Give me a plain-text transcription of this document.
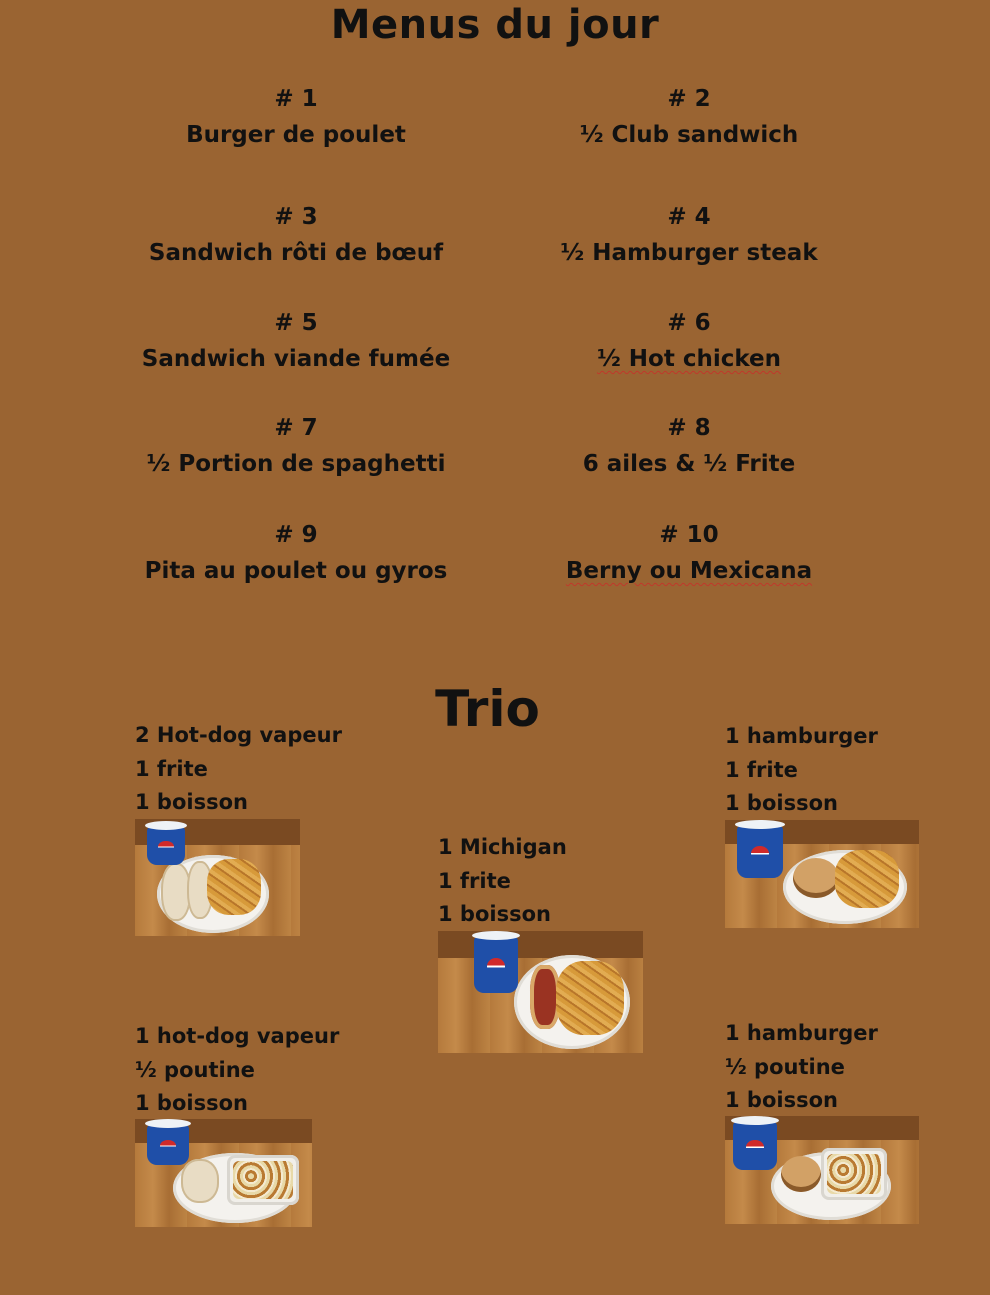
Menus du jour
# 1
Burger de poulet
# 2
½ Club sandwich
# 3
Sandwich rôti de bœuf
# 4
½ Hamburger steak
# 5
Sandwich viande fumée
# 6
½ Hot chicken
# 7
½ Portion de spaghetti
# 8
6 ailes & ½ Frite
# 9
Pita au poulet ou gyros
# 10
Berny ou Mexicana
Trio
2 Hot-dog vapeur
1 frite
1 boisson
1 Michigan
1 frite
1 boisson
1 hamburger
1 frite
1 boisson
1 hot-dog vapeur
½ poutine
1 boisson
1 hamburger
½ poutine
1 boisson
